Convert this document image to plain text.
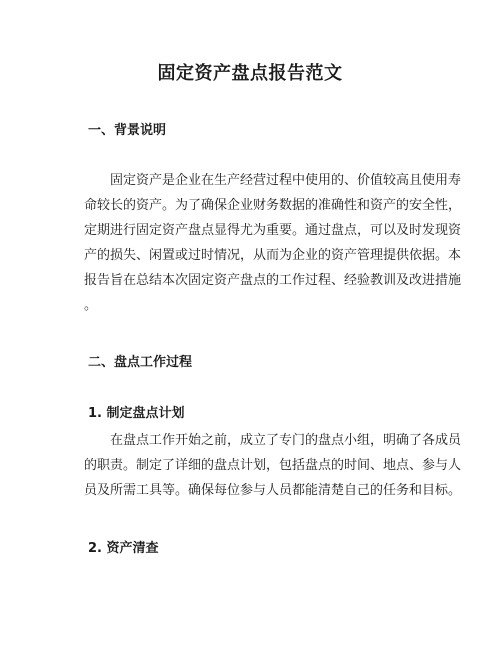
固定资产盘点报告范文
一、背景说明
　　固定资产是企业在生产经营过程中使用的、价值较高且使用寿
命较长的资产。为了确保企业财务数据的准确性和资产的安全性，
定期进行固定资产盘点显得尤为重要。通过盘点，可以及时发现资
产的损失、闲置或过时情况，从而为企业的资产管理提供依据。本
报告旨在总结本次固定资产盘点的工作过程、经验教训及改进措施
。
二、盘点工作过程
1. 制定盘点计划
　　在盘点工作开始之前，成立了专门的盘点小组，明确了各成员
的职责。制定了详细的盘点计划，包括盘点的时间、地点、参与人
员及所需工具等。确保每位参与人员都能清楚自己的任务和目标。
2. 资产清查
